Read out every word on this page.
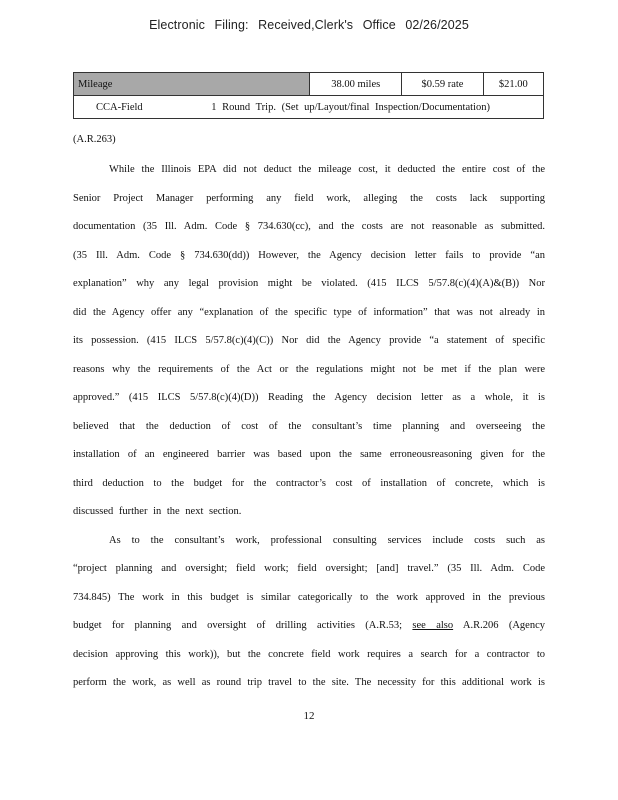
Electronic Filing: Received,Clerk's Office 02/26/2025
Mileage	38.00 miles	$0.59 rate	$21.00
CCA-Field	1 Round Trip. (Set up/Layout/final Inspection/Documentation)
(A.R.263)

While the Illinois EPA did not deduct the mileage cost, it deducted the entire cost of the
Senior Project Manager performing any field work, alleging the costs lack supporting
documentation (35 Ill. Adm. Code § 734.630(cc), and the costs are not reasonable as submitted.
(35 Ill. Adm. Code § 734.630(dd)) However, the Agency decision letter fails to provide “an
explanation” why any legal provision might be violated. (415 ILCS 5/57.8(c)(4)(A)&(B)) Nor
did the Agency offer any “explanation of the specific type of information” that was not already in
its possession. (415 ILCS 5/57.8(c)(4)(C)) Nor did the Agency provide “a statement of specific
reasons why the requirements of the Act or the regulations might not be met if the plan were
approved.” (415 ILCS 5/57.8(c)(4)(D)) Reading the Agency decision letter as a whole, it is
believed that the deduction of cost of the consultant’s time planning and overseeing the
installation of an engineered barrier was based upon the same erroneousreasoning given for the
third deduction to the budget for the contractor’s cost of installation of concrete, which is
discussed further in the next section.

As to the consultant’s work, professional consulting services include costs such as
“project planning and oversight; field work; field oversight; [and] travel.” (35 Ill. Adm. Code
734.845) The work in this budget is similar categorically to the work approved in the previous
budget for planning and oversight of drilling activities (A.R.53; see also A.R.206 (Agency
decision approving this work)), but the concrete field work requires a search for a contractor to
perform the work, as well as round trip travel to the site. The necessity for this additional work is

12
